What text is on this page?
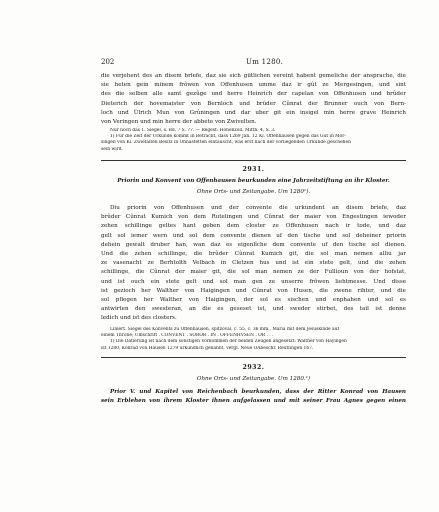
202	Um 1280.
die verjehent des an disem briefe, daz sie sich gütlichen vereint habent gemeliche der ansprache, die
sie heten gein minem frôwen von Offenhusen umme daz ir gût ze Mergesingen, und sint
des die selben alle samt gezûge und herre Heinrich der capelan von Offenhusen und brûder
Dieterich der hovemaister von Bernloch und brûder Cûnrat der Brunner ouch von Bern-
loch und Ûlrich Mun von Grûningen und dar uber git ein insigel min herre grave Heinrich
von Veringen und min herre der abbete von Zwivelten.
Nur noch das 1. Siegel, s. Bd. 7 S. 77. — Regest: Hohenzoll. Mitth. 4, S. 3.
1) Für die Zeit der Urkunde kommt in Betracht, dass 1269 Jan. 12 Kl. Offenhausen gegen das Gut in Mör-
singen von Kl. Zwiefalten Besitz in Ohnastetten eintauscht, was erst nach der vorliegenden Urkunde geschehen
sein wird.
2931.
Priorin und Konvent von Offenhausen beurkunden eine Jahrzeitstiftung an ihr Kloster.
Ohne Orts- und Zeitangabe. Um 1280¹).
Diu priorin von Offenhusen und der convente die urkundent an disem briefe, daz
brûder Cûnrat Kumich von dem Rutelingen und Cûnrat der maier von Engestingen iewoder
zehen schillinge geltes hant geben dem closter ze Offenhusen nach ir tode, und daz
gelt sol iemer wern und sol dem convente dienen uf den tische und sol deheiner priorin
dehein gewalt druber han, wan daz es eigenlîche dem convente uf den tische sol dienen.
Und die zehen schillinge, die brûder Cûnrat Kumich git, die sol man nemen alliu jar
ze vasenacht ze Berhtolth Velbach in Cletzen hus und ist ein stete gelt, und die zehen
schillinge, die Cûnrat der maier git, die sol man nemen ze der Fullioun von der hofstat,
und ist ouch ein stete gelt und sol man gen ze unserre frôwen liehtmesse. Und disse
ist gezioch her Walther von Haigingen und Cûnrat von Husen, die zwene rihter, und die
sol pflegen her Walther von Haigingen, der sol es sischen und enphahen und sol es
antwirten den swesteran, an die es geseset ist, und sweder stirbet, des tail ist denne
ledich und ist des closters.
Liniert. Siegel des Konvents zu Offenhausen, spitzoval, c. 55, c. 36 mm., Maria mit dem Jesuskinde auf
einem Throne; Umschrift . CONVENT . SOROR . IN . OFFENHVSEN . OR . . .
1) Die Datierung ist nach dem sonstigen Vorkommen der beiden Zeugen angesetzt: Walther von Hayingen
ist 1280, Konrad von Hausen 1279 urkundlich genannt, vergl. Neue OAbeschr. Reutlingen 167.
2932.
Ohne Orts- und Zeitangabe. Um 1280.¹)
Prior V. und Kapitel von Reichenbach beurkunden, dass der Ritter Konrad von Hausen
sein Erblehen von ihrem Kloster ihnen aufgelassen und mit seiner Frau Agnes gegen einen
